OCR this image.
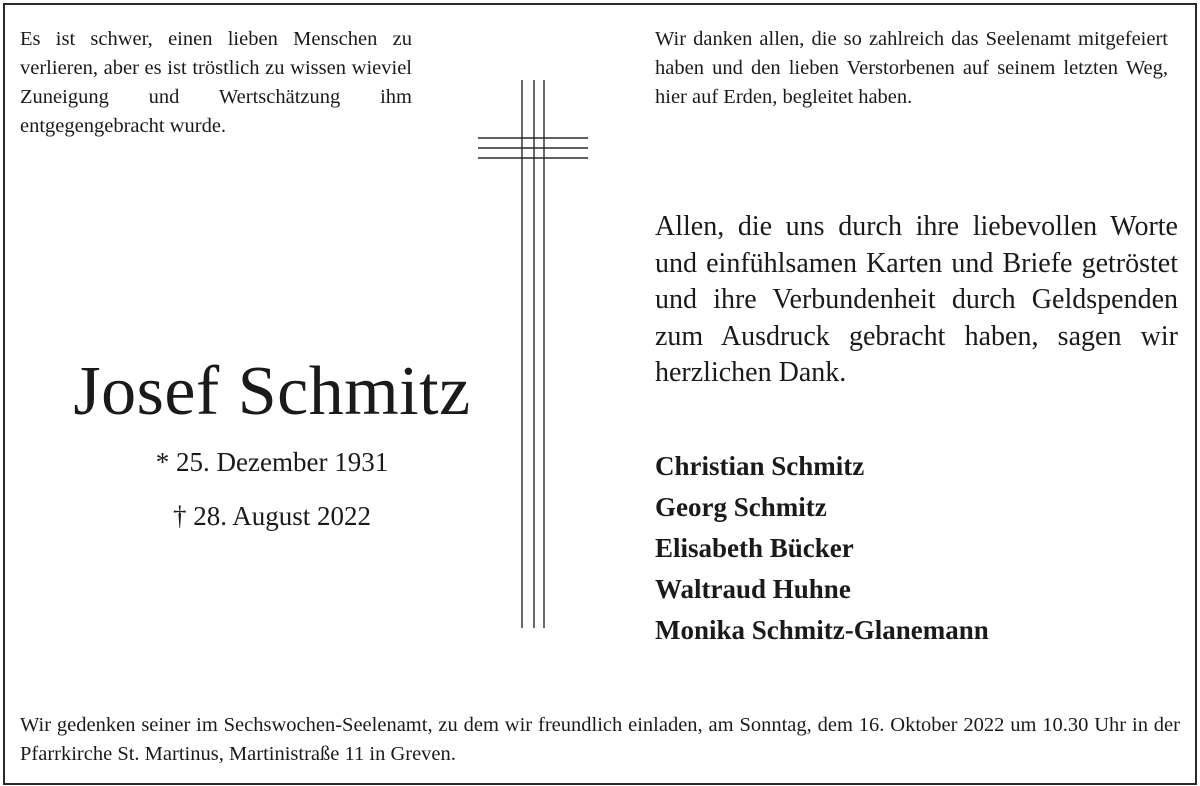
Es ist schwer, einen lieben Menschen zu verlieren, aber es ist tröstlich zu wissen wieviel Zuneigung und Wertschätzung ihm entgegengebracht wurde.
Wir danken allen, die so zahlreich das Seelenamt mitgefeiert haben und den lieben Verstorbenen auf seinem letzten Weg, hier auf Erden, begleitet haben.
Josef Schmitz
* 25. Dezember 1931
† 28. August 2022
Allen, die uns durch ihre liebevollen Worte und einfühlsamen Karten und Briefe getröstet und ihre Verbundenheit durch Geldspenden zum Ausdruck gebracht haben, sagen wir herzlichen Dank.
Christian Schmitz
Georg Schmitz
Elisabeth Bücker
Waltraud Huhne
Monika Schmitz-Glanemann
Wir gedenken seiner im Sechswochen-Seelenamt, zu dem wir freundlich einladen, am Sonntag, dem 16. Oktober 2022 um 10.30 Uhr in der Pfarrkirche St. Martinus, Martinistraße 11 in Greven.
